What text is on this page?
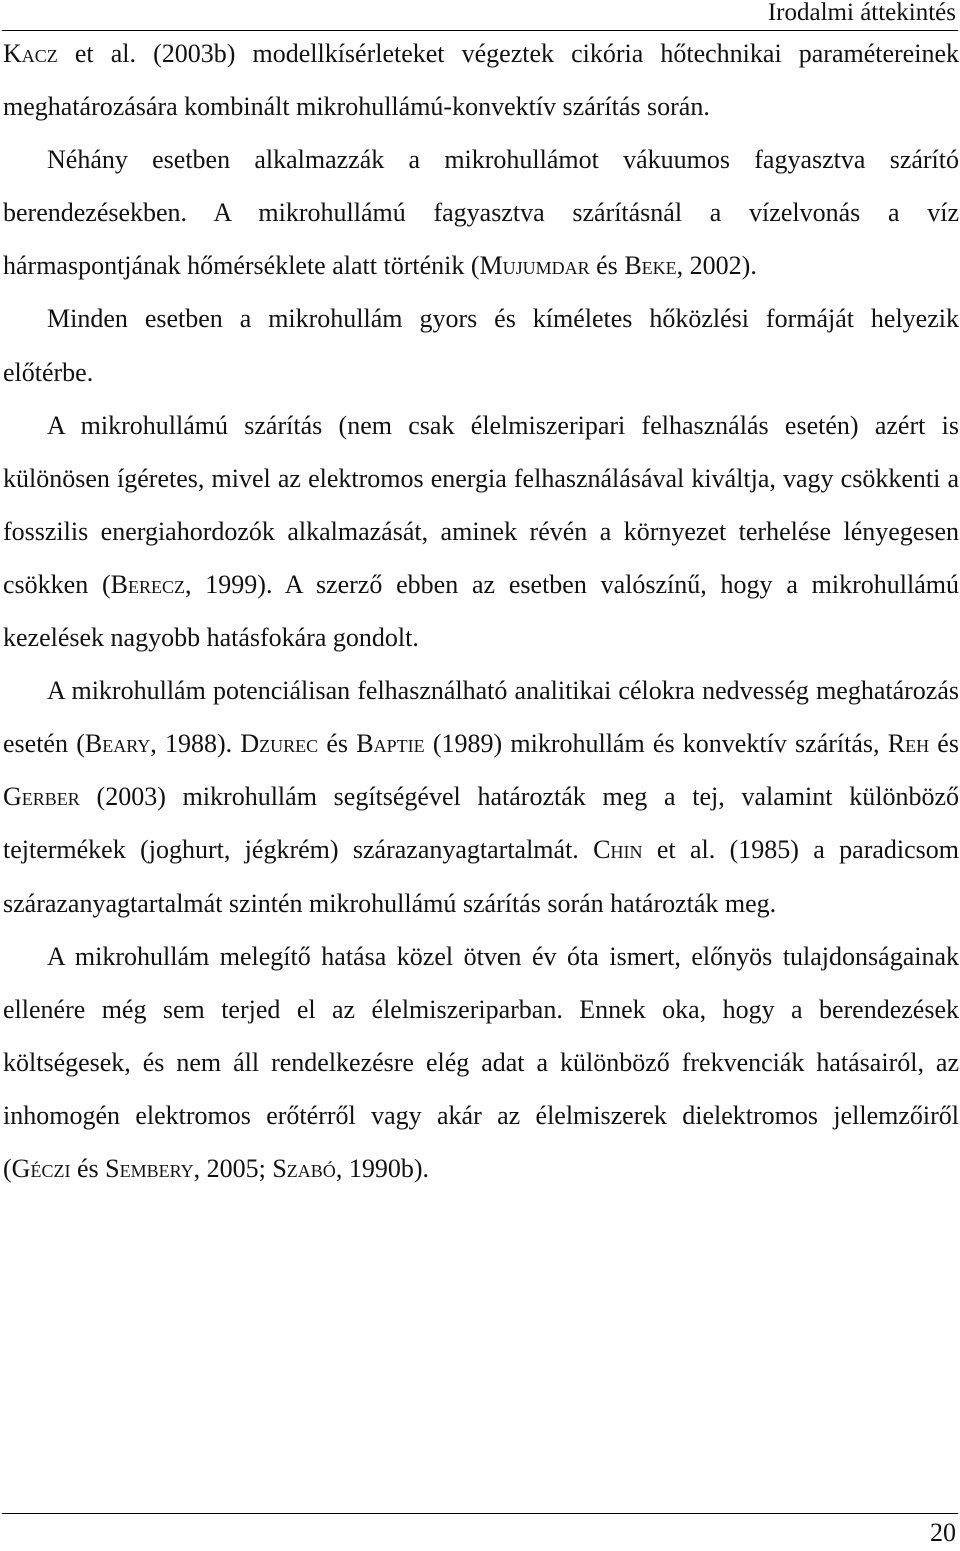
Irodalmi áttekintés

Kacz et al. (2003b) modellkísérleteket végeztek cikória hőtechnikai paramétereinek meghatározására kombinált mikrohullámú-konvektív szárítás során.

Néhány esetben alkalmazzák a mikrohullámot vákuumos fagyasztva szárító berendezésekben. A mikrohullámú fagyasztva szárításnál a vízelvonás a víz hármaspontjának hőmérséklete alatt történik (Mujumdar és Beke, 2002).

Minden esetben a mikrohullám gyors és kíméletes hőközlési formáját helyezik előtérbe.

A mikrohullámú szárítás (nem csak élelmiszeripari felhasználás esetén) azért is különösen ígéretes, mivel az elektromos energia felhasználásával kiváltja, vagy csökkenti a fosszilis energiahordozók alkalmazását, aminek révén a környezet terhelése lényegesen csökken (Berecz, 1999). A szerző ebben az esetben valószínű, hogy a mikrohullámú kezelések nagyobb hatásfokára gondolt.

A mikrohullám potenciálisan felhasználható analitikai célokra nedvesség meghatározás esetén (Beary, 1988). Dzurec és Baptie (1989) mikrohullám és konvektív szárítás, Reh és Gerber (2003) mikrohullám segítségével határozták meg a tej, valamint különböző tejtermékek (joghurt, jégkrém) szárazanyagtartalmát. Chin et al. (1985) a paradicsom szárazanyagtartalmát szintén mikrohullámú szárítás során határozták meg.

A mikrohullám melegítő hatása közel ötven év óta ismert, előnyös tulajdonságainak ellenére még sem terjed el az élelmiszeriparban. Ennek oka, hogy a berendezések költségesek, és nem áll rendelkezésre elég adat a különböző frekvenciák hatásairól, az inhomogén elektromos erőtérről vagy akár az élelmiszerek dielektromos jellemzőiről (Géczi és Sembery, 2005; Szabó, 1990b).

20
